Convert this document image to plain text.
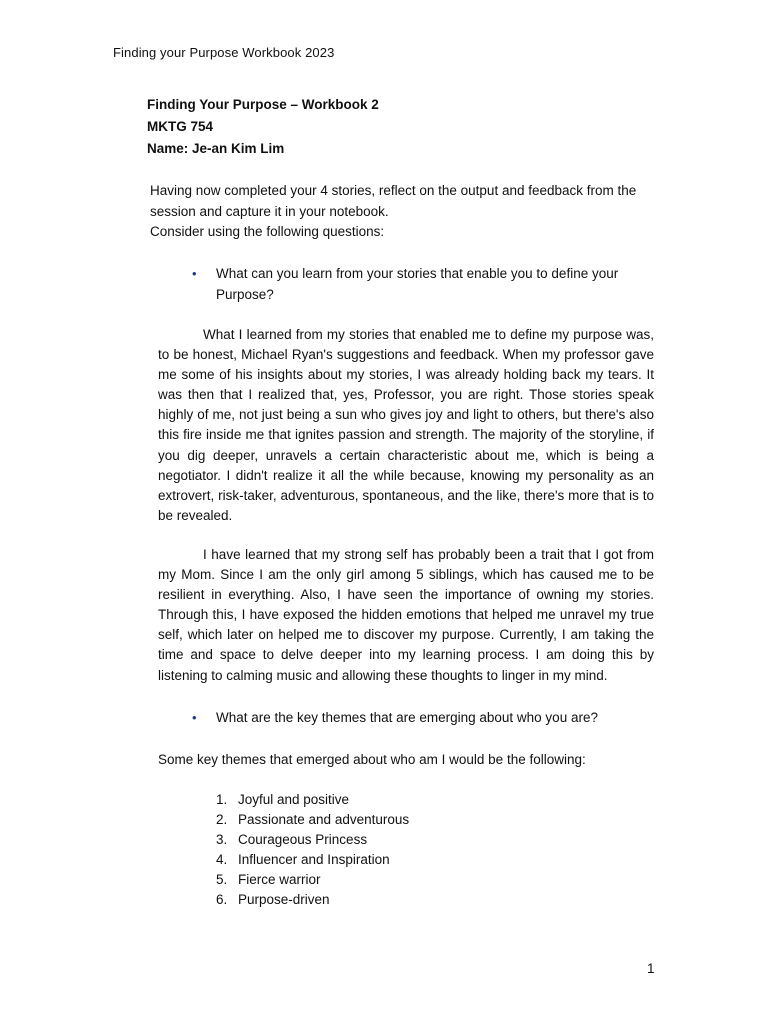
Finding your Purpose Workbook 2023
Finding Your Purpose – Workbook 2
MKTG 754
Name: Je-an Kim Lim

Having now completed your 4 stories, reflect on the output and feedback from the session and capture it in your notebook.

Consider using the following questions:

•	What can you learn from your stories that enable you to define your Purpose?

What I learned from my stories that enabled me to define my purpose was, to be honest, Michael Ryan's suggestions and feedback. When my professor gave me some of his insights about my stories, I was already holding back my tears. It was then that I realized that, yes, Professor, you are right. Those stories speak highly of me, not just being a sun who gives joy and light to others, but there's also this fire inside me that ignites passion and strength. The majority of the storyline, if you dig deeper, unravels a certain characteristic about me, which is being a negotiator. I didn't realize it all the while because, knowing my personality as an extrovert, risk-taker, adventurous, spontaneous, and the like, there's more that is to be revealed.

I have learned that my strong self has probably been a trait that I got from my Mom. Since I am the only girl among 5 siblings, which has caused me to be resilient in everything. Also, I have seen the importance of owning my stories. Through this, I have exposed the hidden emotions that helped me unravel my true self, which later on helped me to discover my purpose. Currently, I am taking the time and space to delve deeper into my learning process. I am doing this by listening to calming music and allowing these thoughts to linger in my mind.

•	What are the key themes that are emerging about who you are?
Some key themes that emerged about who am I would be the following:
1. Joyful and positive
2. Passionate and adventurous
3. Courageous Princess
4. Influencer and Inspiration
5. Fierce warrior
6. Purpose-driven
1
